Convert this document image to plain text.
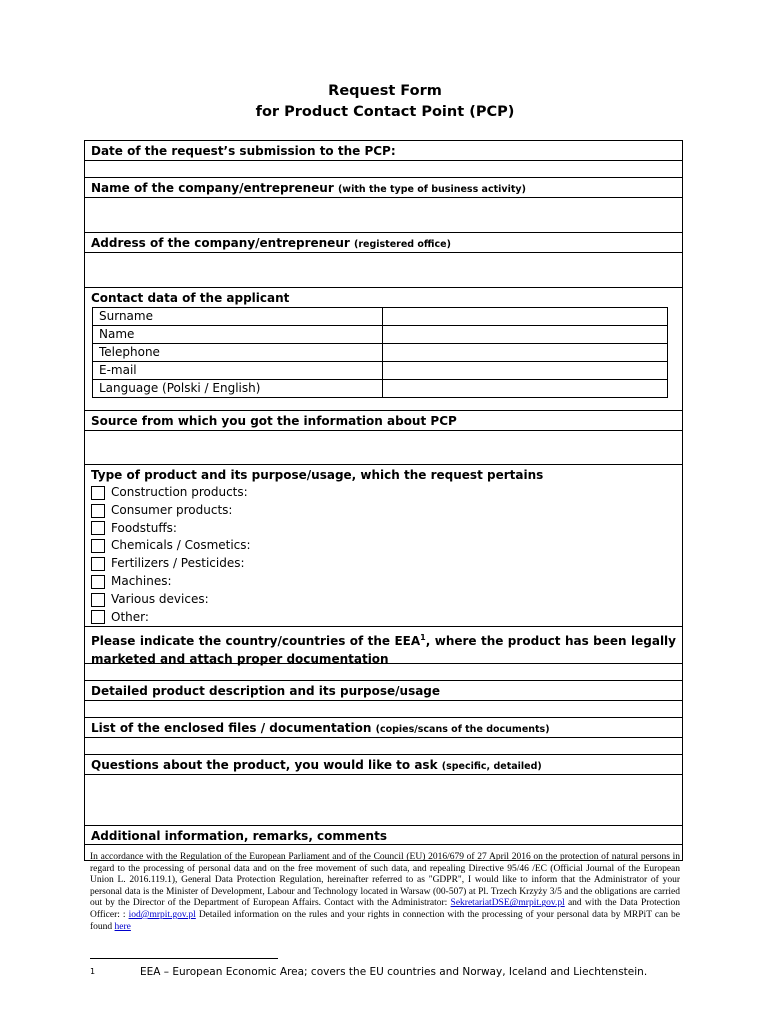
Request Form
for Product Contact Point (PCP)
Date of the request’s submission to the PCP:
Name of the company/entrepreneur (with the type of business activity)
Address of the company/entrepreneur (registered office)
Contact data of the applicant
Surname	
Name	
Telephone	
E-mail	
Language (Polski / English)	
Source from which you got the information about PCP
Type of product and its purpose/usage, which the request pertains
Construction products:
Consumer products:
Foodstuffs:
Chemicals / Cosmetics:
Fertilizers / Pesticides:
Machines:
Various devices:
Other:
Please indicate the country/countries of the EEA$^1$, where the product has been legally marketed and attach proper documentation
Detailed product description and its purpose/usage
List of the enclosed files / documentation (copies/scans of the documents)
Questions about the product, you would like to ask (specific, detailed)
Additional information, remarks, comments
In accordance with the Regulation of the European Parliament and of the Council (EU) 2016/679 of 27 April 2016 on the protection of natural persons in regard to the processing of personal data and on the free movement of such data, and repealing Directive 95/46 /EC (Official Journal of the European Union L. 2016.119.1), General Data Protection Regulation, hereinafter referred to as "GDPR", I would like to inform that the Administrator of your personal data is the Minister of Development, Labour and Technology located in Warsaw (00-507) at Pl. Trzech Krzyży 3/5 and the obligations are carried out by the Director of the Department of European Affairs. Contact with the Administrator: SekretariatDSE@mrpit.gov.pl and with the Data Protection Officer: : iod@mrpit.gov.pl Detailed information on the rules and your rights in connection with the processing of your personal data by MRPiT can be found here
1	EEA – European Economic Area; covers the EU countries and Norway, Iceland and Liechtenstein.
